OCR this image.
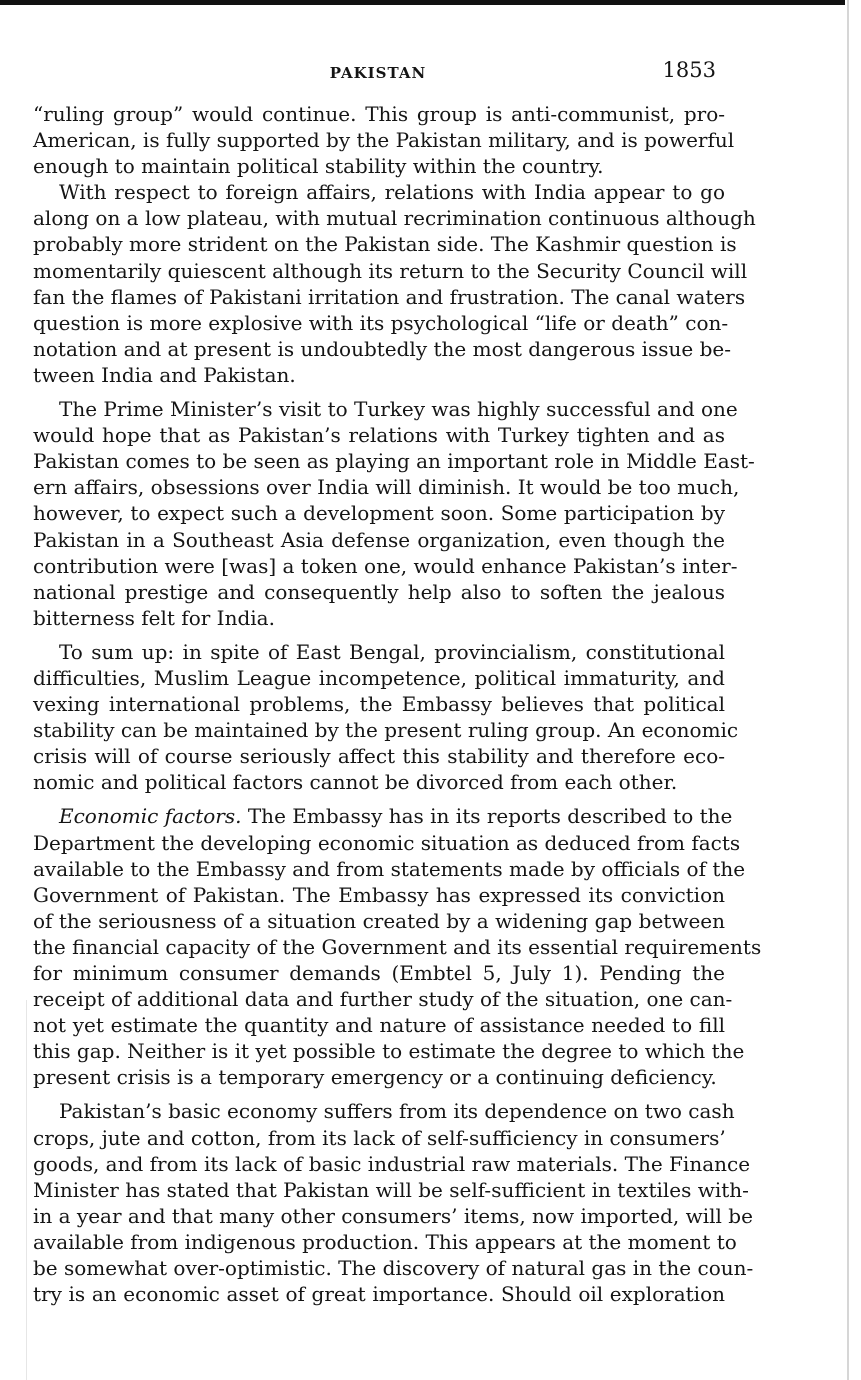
PAKISTAN	1853
“ruling group” would continue. This group is anti-communist, pro-
American, is fully supported by the Pakistan military, and is powerful
enough to maintain political stability within the country.
With respect to foreign affairs, relations with India appear to go
along on a low plateau, with mutual recrimination continuous although
probably more strident on the Pakistan side. The Kashmir question is
momentarily quiescent although its return to the Security Council will
fan the flames of Pakistani irritation and frustration. The canal waters
question is more explosive with its psychological “life or death” con-
notation and at present is undoubtedly the most dangerous issue be-
tween India and Pakistan.
The Prime Minister’s visit to Turkey was highly successful and one
would hope that as Pakistan’s relations with Turkey tighten and as
Pakistan comes to be seen as playing an important role in Middle East-
ern affairs, obsessions over India will diminish. It would be too much,
however, to expect such a development soon. Some participation by
Pakistan in a Southeast Asia defense organization, even though the
contribution were [was] a token one, would enhance Pakistan’s inter-
national prestige and consequently help also to soften the jealous
bitterness felt for India.
To sum up: in spite of East Bengal, provincialism, constitutional
difficulties, Muslim League incompetence, political immaturity, and
vexing international problems, the Embassy believes that political
stability can be maintained by the present ruling group. An economic
crisis will of course seriously affect this stability and therefore eco-
nomic and political factors cannot be divorced from each other.
Economic factors. The Embassy has in its reports described to the
Department the developing economic situation as deduced from facts
available to the Embassy and from statements made by officials of the
Government of Pakistan. The Embassy has expressed its conviction
of the seriousness of a situation created by a widening gap between
the financial capacity of the Government and its essential requirements
for minimum consumer demands (Embtel 5, July 1). Pending the
receipt of additional data and further study of the situation, one can-
not yet estimate the quantity and nature of assistance needed to fill
this gap. Neither is it yet possible to estimate the degree to which the
present crisis is a temporary emergency or a continuing deficiency.
Pakistan’s basic economy suffers from its dependence on two cash
crops, jute and cotton, from its lack of self-sufficiency in consumers’
goods, and from its lack of basic industrial raw materials. The Finance
Minister has stated that Pakistan will be self-sufficient in textiles with-
in a year and that many other consumers’ items, now imported, will be
available from indigenous production. This appears at the moment to
be somewhat over-optimistic. The discovery of natural gas in the coun-
try is an economic asset of great importance. Should oil exploration
